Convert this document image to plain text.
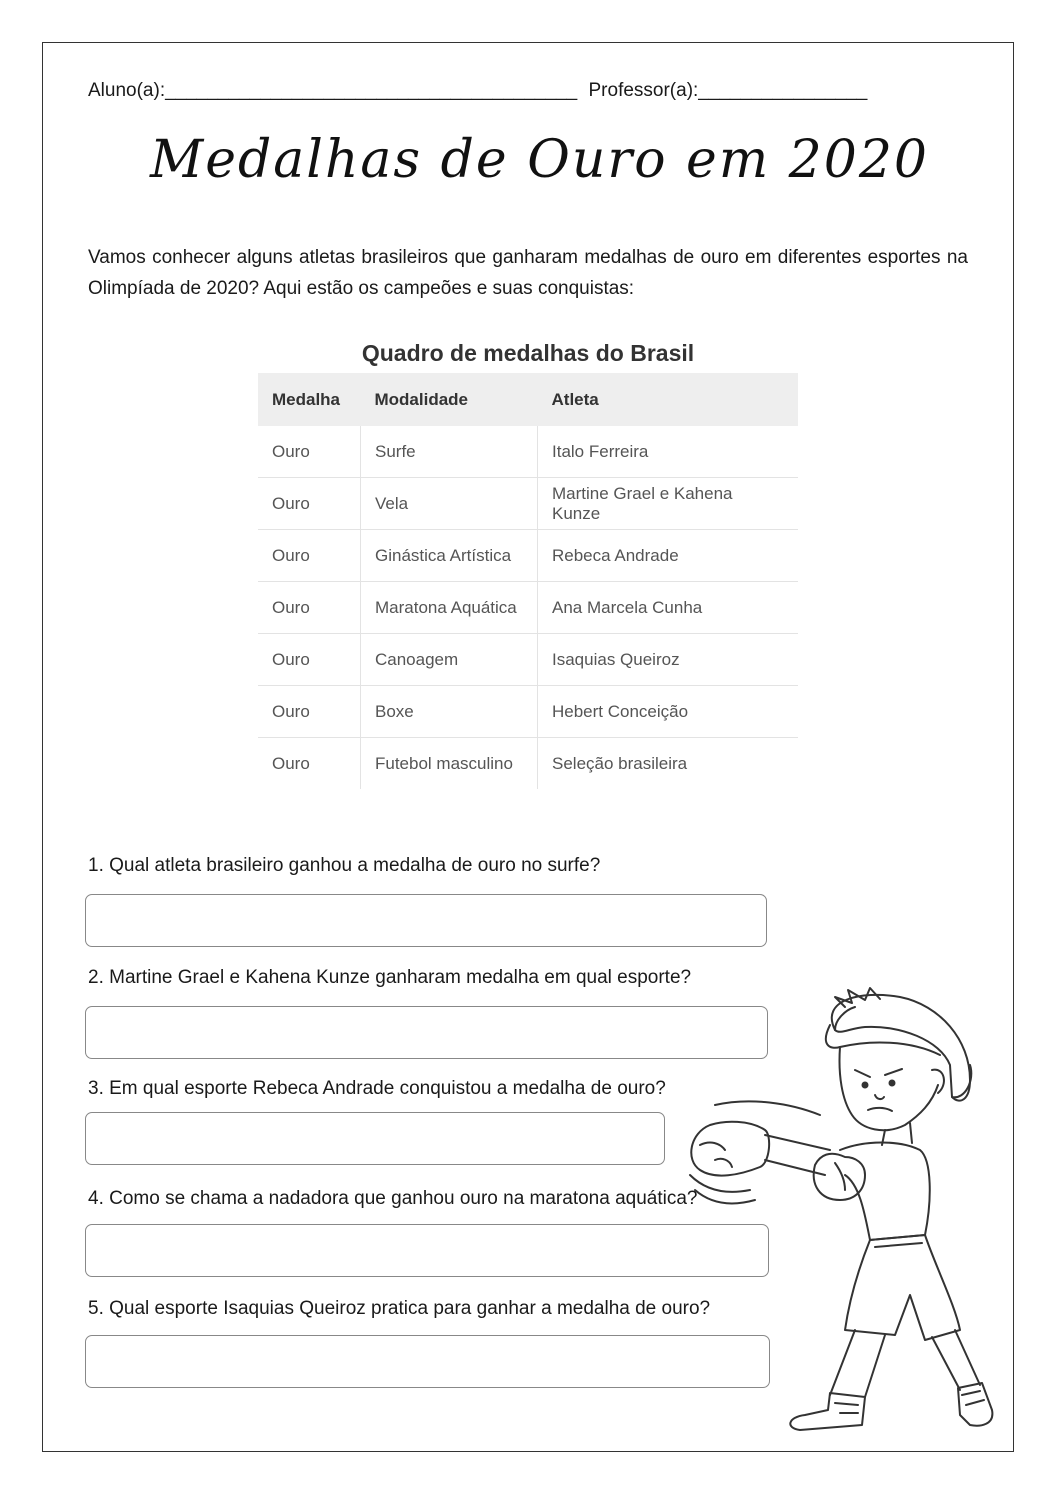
Aluno(a):_______________________________________ Professor(a):________________
Medalhas de Ouro em 2020
Vamos conhecer alguns atletas brasileiros que ganharam medalhas de ouro em diferentes esportes na Olimpíada de 2020? Aqui estão os campeões e suas conquistas:
Quadro de medalhas do Brasil
Medalha	Modalidade	Atleta
Ouro	Surfe	Italo Ferreira
Ouro	Vela	Martine Grael e Kahena Kunze
Ouro	Ginástica Artística	Rebeca Andrade
Ouro	Maratona Aquática	Ana Marcela Cunha
Ouro	Canoagem	Isaquias Queiroz
Ouro	Boxe	Hebert Conceição
Ouro	Futebol masculino	Seleção brasileira
1. Qual atleta brasileiro ganhou a medalha de ouro no surfe?
2. Martine Grael e Kahena Kunze ganharam medalha em qual esporte?
3. Em qual esporte Rebeca Andrade conquistou a medalha de ouro?
4. Como se chama a nadadora que ganhou ouro na maratona aquática?
5. Qual esporte Isaquias Queiroz pratica para ganhar a medalha de ouro?
